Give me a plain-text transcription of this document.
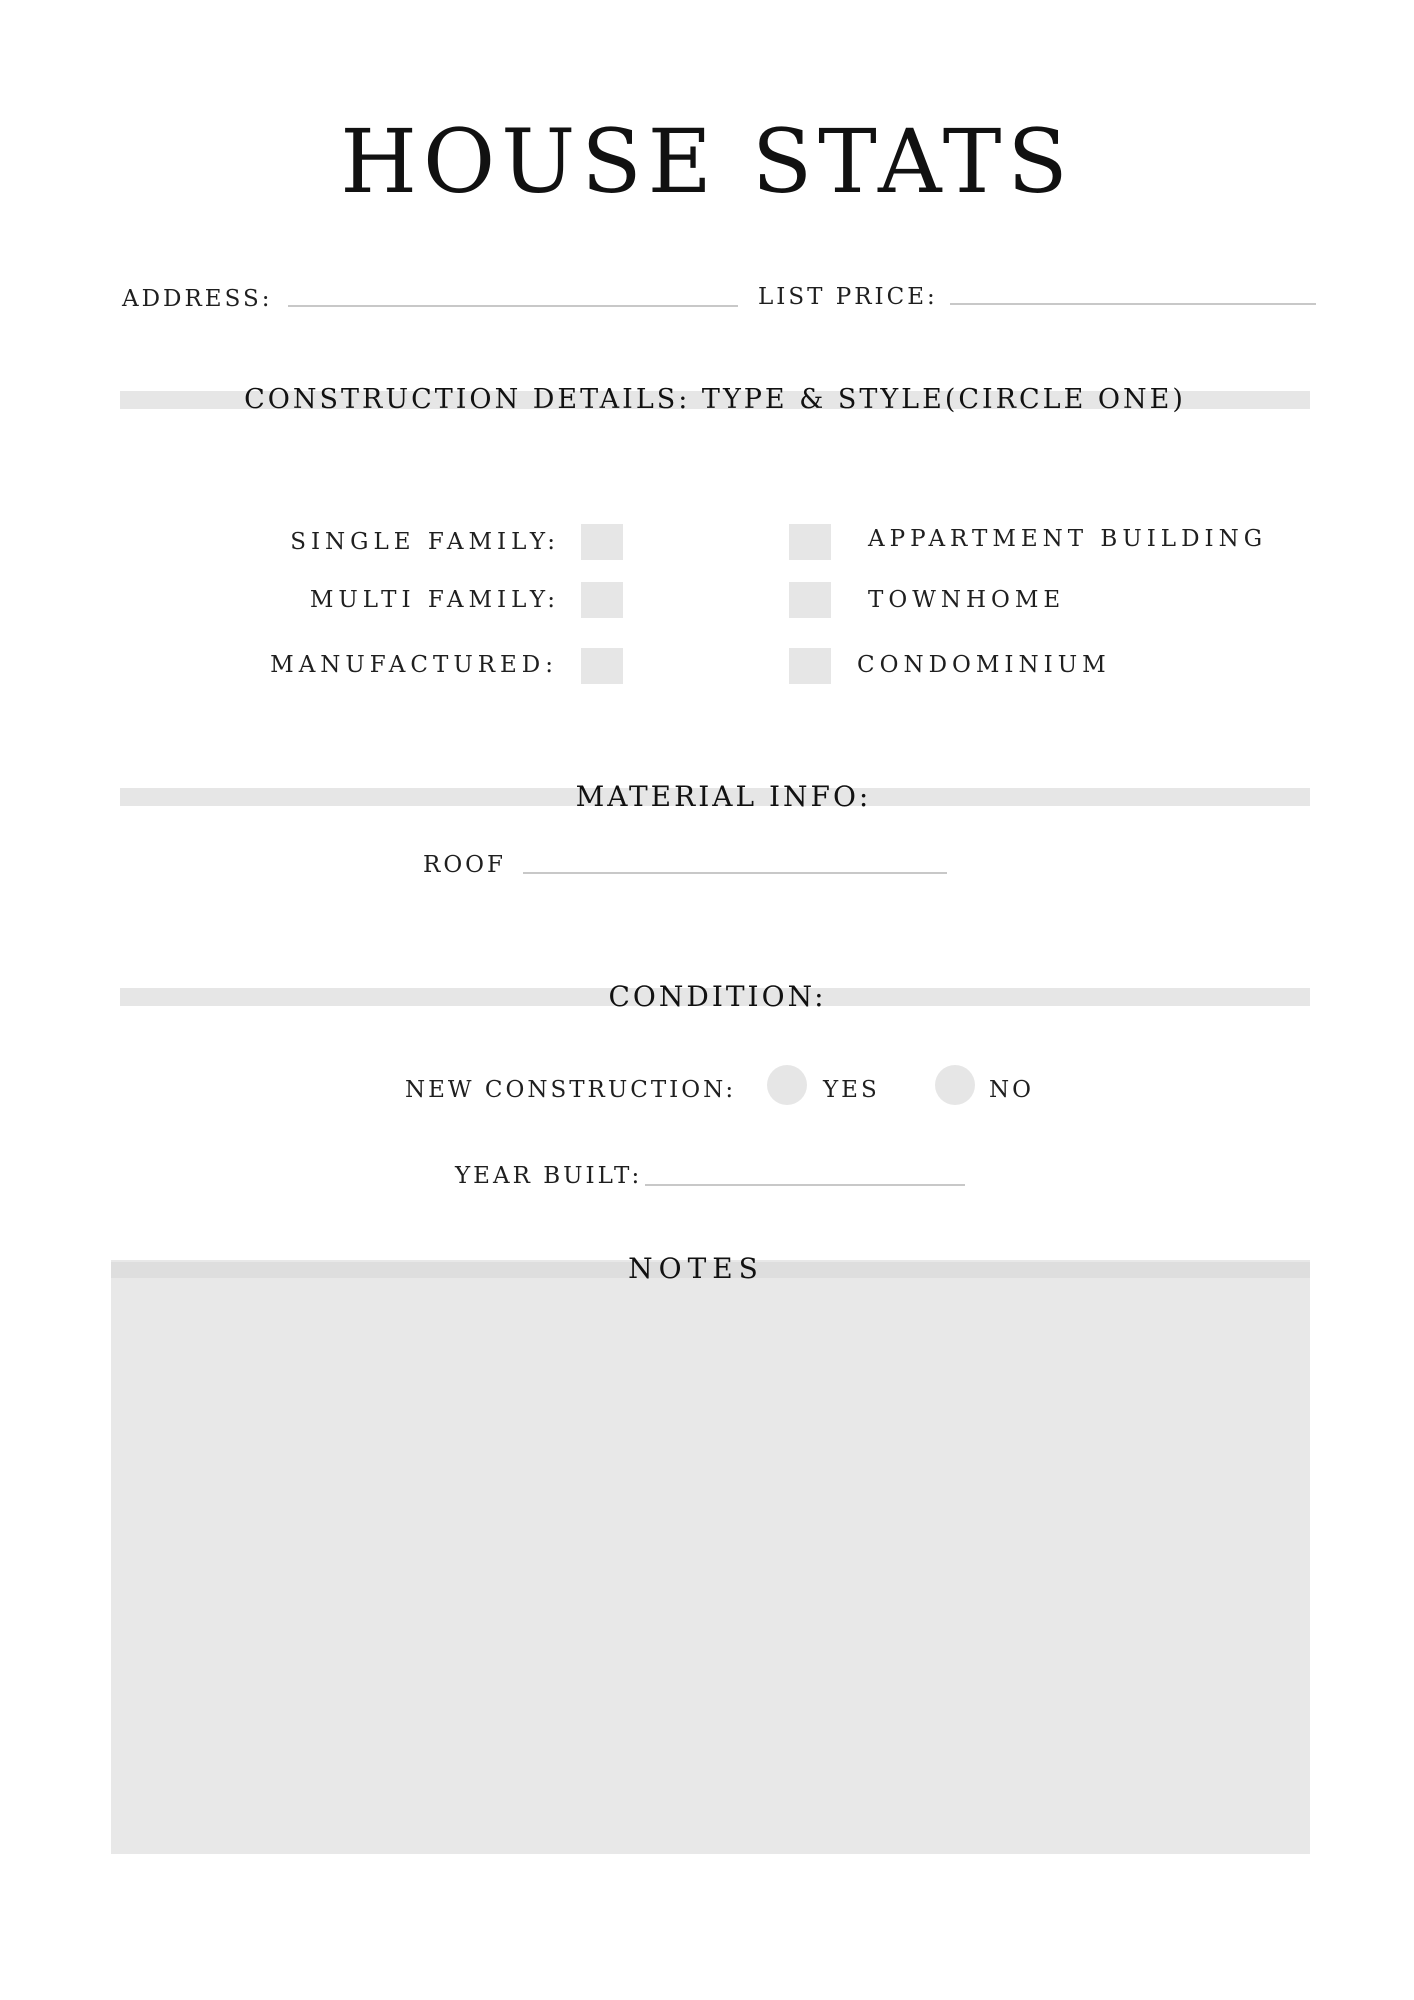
HOUSE STATS
ADDRESS:	LIST PRICE:
CONSTRUCTION DETAILS: TYPE & STYLE(CIRCLE ONE)
SINGLE FAMILY:	APPARTMENT BUILDING
MULTI FAMILY:	TOWNHOME
MANUFACTURED:	CONDOMINIUM
MATERIAL INFO:
ROOF
CONDITION:
NEW CONSTRUCTION:	YES	NO
YEAR BUILT:
NOTES
